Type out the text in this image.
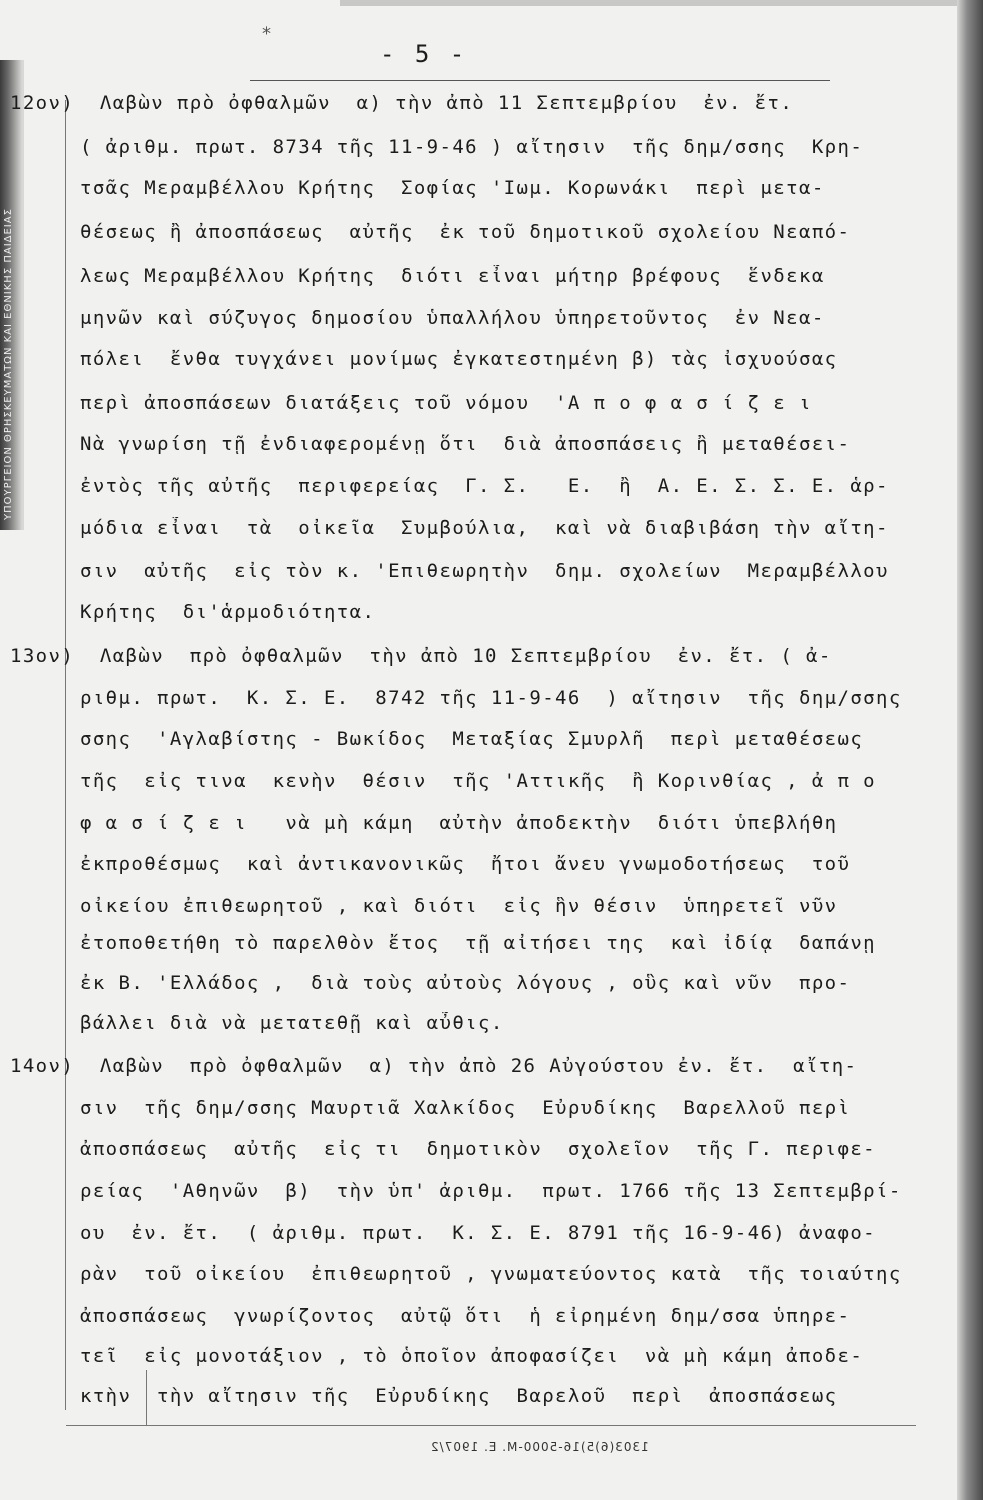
ΥΠΟΥΡΓΕΙΟΝ ΘΡΗΣΚΕΥΜΑΤΩΝ ΚΑΙ ΕΘΝΙΚΗΣ ΠΑΙΔΕΙΑΣ
⁎
- 5 -
12ον)  Λαβὼν πρὸ ὀφθαλμῶν  α) τὴν ἀπὸ 11 Σεπτεμβρίου  ἐν. ἔτ.
( ἀριθμ. πρωτ. 8734 τῆς 11-9-46 ) αἴτησιν  τῆς δημ/σσης  Κρη-
τσᾶς Μεραμβέλλου Κρήτης  Σοφίας 'Ιωμ. Κορωνάκι  περὶ μετα-
θέσεως ἢ ἀποσπάσεως  αὐτῆς  ἐκ τοῦ δημοτικοῦ σχολείου Νεαπό-
λεως Μεραμβέλλου Κρήτης  διότι εἶναι μήτηρ βρέφους  ἕνδεκα
μηνῶν καὶ σύζυγος δημοσίου ὑπαλλήλου ὑπηρετοῦντος  ἐν Νεα-
πόλει  ἔνθα τυγχάνει μονίμως ἐγκατεστημένη β) τὰς ἰσχυούσας
περὶ ἀποσπάσεων διατάξεις τοῦ νόμου  'Α π ο φ α σ ί ζ ε ι
Νὰ γνωρίση τῇ ἐνδιαφερομένῃ ὅτι  διὰ ἀποσπάσεις ἢ μεταθέσει-
ἐντὸς τῆς αὐτῆς  περιφερείας  Γ. Σ.   Ε.  ἢ  Α. Ε. Σ. Σ. Ε. ἁρ-
μόδια εἶναι  τὰ  οἰκεῖα  Συμβούλια,  καὶ νὰ διαβιβάση τὴν αἴτη-
σιν  αὐτῆς  εἰς τὸν κ. 'Επιθεωρητὴν  δημ. σχολείων  Μεραμβέλλου
Κρήτης  δι'ἁρμοδιότητα.
13ον)  Λαβὼν  πρὸ ὀφθαλμῶν  τὴν ἀπὸ 10 Σεπτεμβρίου  ἐν. ἔτ. ( ἀ-
ριθμ. πρωτ.  Κ. Σ. Ε.  8742 τῆς 11-9-46  ) αἴτησιν  τῆς δημ/σσης
σσης  'Αγλαβίστης - Βωκίδος  Μεταξίας Σμυρλῆ  περὶ μεταθέσεως
τῆς  εἰς τινα  κενὴν  θέσιν  τῆς 'Αττικῆς  ἢ Κορινθίας , ἀ π ο
φ α σ ί ζ ε ι   νὰ μὴ κάμη  αὐτὴν ἀποδεκτὴν  διότι ὑπεβλήθη
ἐκπροθέσμως  καὶ ἀντικανονικῶς  ἤτοι ἄνευ γνωμοδοτήσεως  τοῦ
οἰκείου ἐπιθεωρητοῦ , καὶ διότι  εἰς ἣν θέσιν  ὑπηρετεῖ νῦν
ἐτοποθετήθη τὸ παρελθὸν ἔτος  τῇ αἰτήσει της  καὶ ἰδίᾳ  δαπάνῃ
ἐκ Β. 'Ελλάδος ,  διὰ τοὺς αὐτοὺς λόγους , οὓς καὶ νῦν  προ-
βάλλει διὰ νὰ μετατεθῇ καὶ αὖθις.
14ον)  Λαβὼν  πρὸ ὀφθαλμῶν  α) τὴν ἀπὸ 26 Αὐγούστου ἐν. ἔτ.  αἴτη-
σιν  τῆς δημ/σσης Μαυρτιᾶ Χαλκίδος  Εὐρυδίκης  Βαρελλοῦ περὶ
ἀποσπάσεως  αὐτῆς  εἰς τι  δημοτικὸν  σχολεῖον  τῆς Γ. περιφε-
ρείας  'Αθηνῶν  β)  τὴν ὑπ' ἀριθμ.  πρωτ. 1766 τῆς 13 Σεπτεμβρί-
ου  ἐν. ἔτ.  ( ἀριθμ. πρωτ.  Κ. Σ. Ε. 8791 τῆς 16-9-46) ἀναφο-
ρὰν  τοῦ οἰκείου  ἐπιθεωρητοῦ , γνωματεύοντος κατὰ  τῆς τοιαύτης
ἀποσπάσεως  γνωρίζοντος  αὐτῷ ὅτι  ἡ εἰρημένη δημ/σσα ὑπηρε-
τεῖ  εἰς μονοτάξιον , τὸ ὁποῖον ἀποφασίζει  νὰ μὴ κάμη ἀποδε-
κτὴν  τὴν αἴτησιν τῆς  Εὐρυδίκης  Βαρελοῦ  περὶ  ἀποσπάσεως
1303(6)5)16-5000-M. E. 1907/2
